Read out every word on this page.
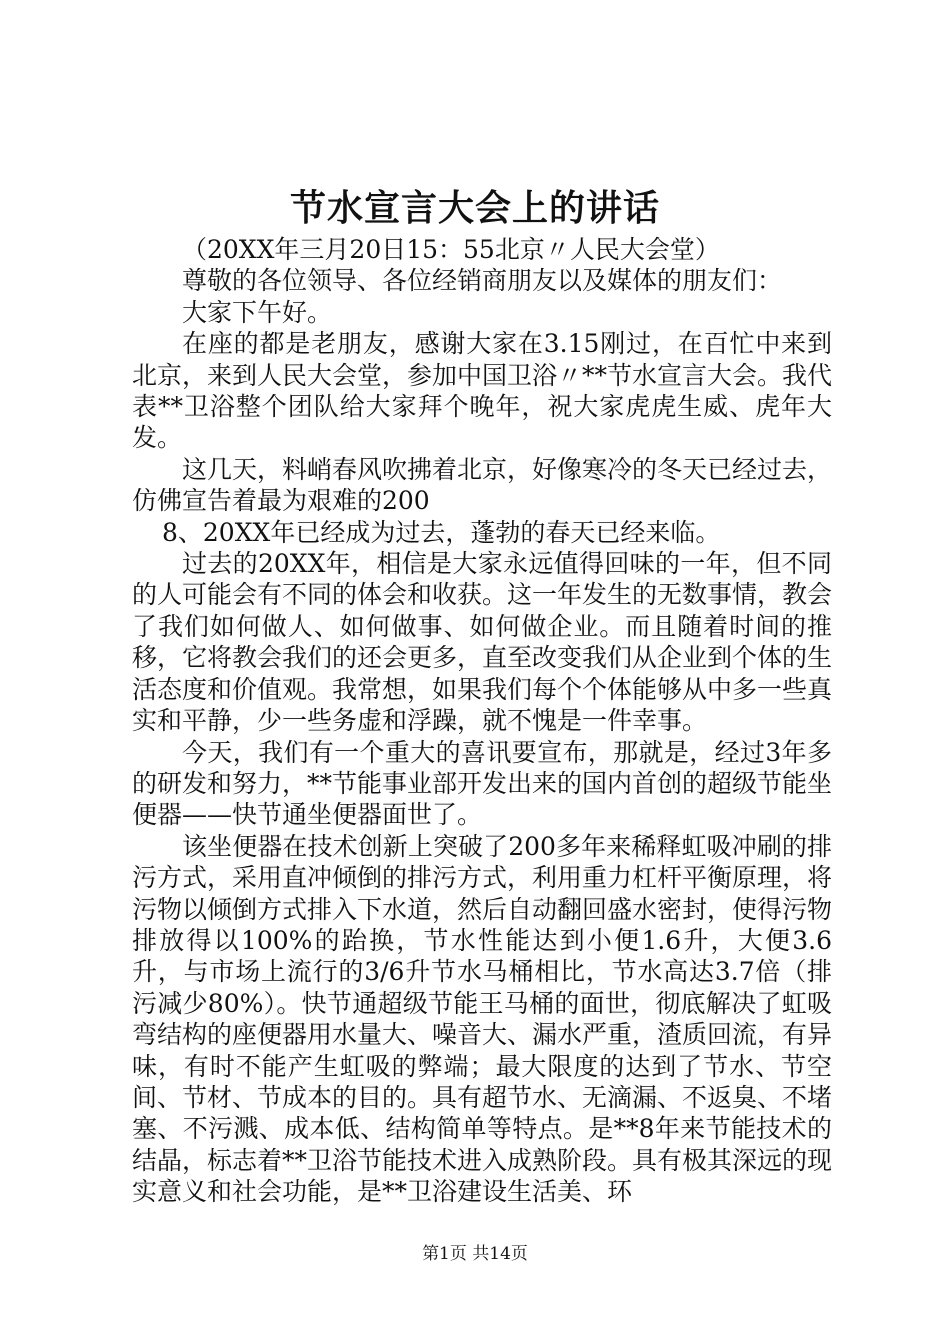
节水宣言大会上的讲话

（20XX年三月20日15：55北京〃人民大会堂）

尊敬的各位领导、各位经销商朋友以及媒体的朋友们：

大家下午好。

在座的都是老朋友，感谢大家在3.15刚过，在百忙中来到北京，来到人民大会堂，参加中国卫浴〃**节水宣言大会。我代表**卫浴整个团队给大家拜个晚年，祝大家虎虎生威、虎年大发。

这几天，料峭春风吹拂着北京，好像寒冷的冬天已经过去，仿佛宣告着最为艰难的200

8、20XX年已经成为过去，蓬勃的春天已经来临。

过去的20XX年，相信是大家永远值得回味的一年，但不同的人可能会有不同的体会和收获。这一年发生的无数事情，教会了我们如何做人、如何做事、如何做企业。而且随着时间的推移，它将教会我们的还会更多，直至改变我们从企业到个体的生活态度和价值观。我常想，如果我们每个个体能够从中多一些真实和平静，少一些务虚和浮躁，就不愧是一件幸事。

今天，我们有一个重大的喜讯要宣布，那就是，经过3年多的研发和努力，**节能事业部开发出来的国内首创的超级节能坐便器——快节通坐便器面世了。

该坐便器在技术创新上突破了200多年来稀释虹吸冲刷的排污方式，采用直冲倾倒的排污方式，利用重力杠杆平衡原理，将污物以倾倒方式排入下水道，然后自动翻回盛水密封，使得污物排放得以100%的跆换，节水性能达到小便1.6升，大便3.6升，与市场上流行的3/6升节水马桶相比，节水高达3.7倍（排污减少80%）。快节通超级节能王马桶的面世，彻底解决了虹吸弯结构的座便器用水量大、噪音大、漏水严重，渣质回流，有异味，有时不能产生虹吸的弊端；最大限度的达到了节水、节空间、节材、节成本的目的。具有超节水、无滴漏、不返臭、不堵塞、不污溅、成本低、结构简单等特点。是**8年来节能技术的结晶，标志着**卫浴节能技术进入成熟阶段。具有极其深远的现实意义和社会功能，是**卫浴建设生活美、环

第1页 共14页
